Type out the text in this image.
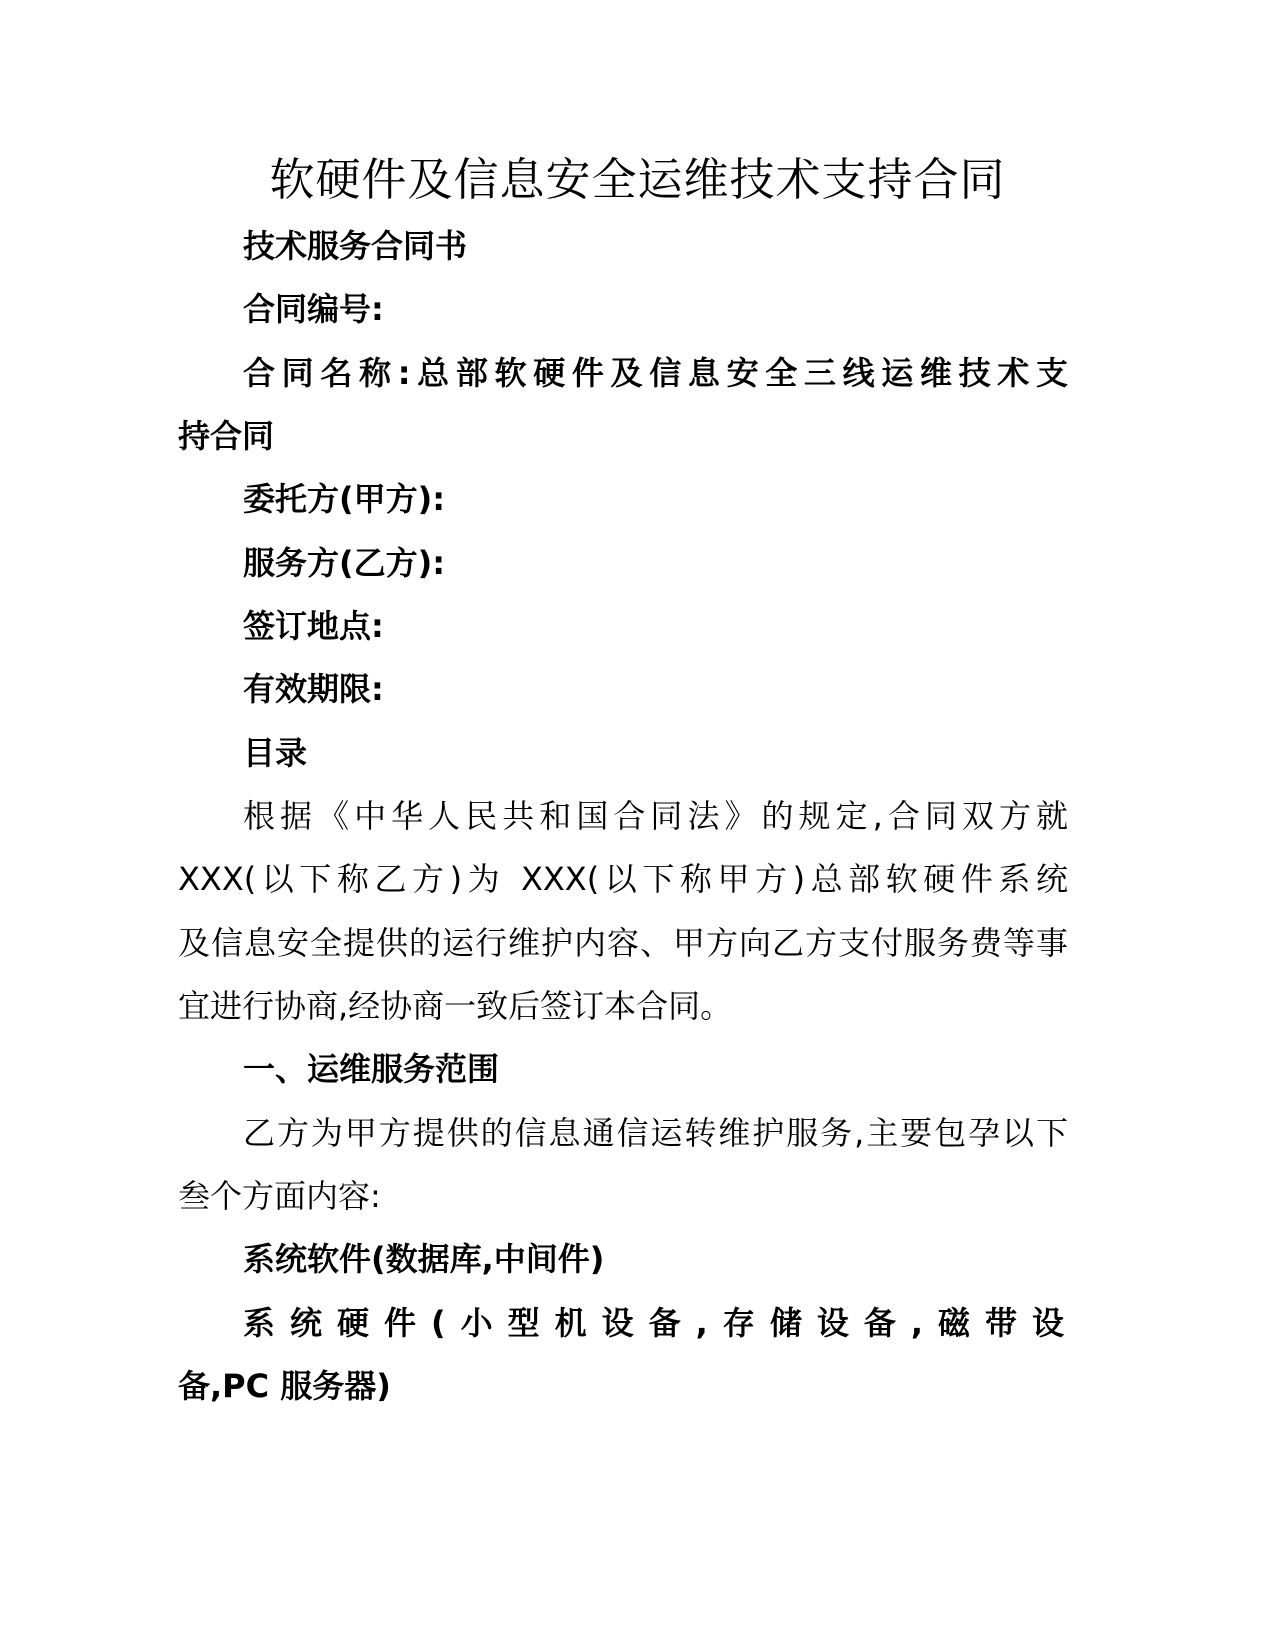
软硬件及信息安全运维技术支持合同
技术服务合同书
合同编号:
合同名称:总部软硬件及信息安全三线运维技术支
持合同
委托方(甲方):
服务方(乙方):
签订地点:
有效期限:
目录
根据《中华人民共和国合同法》的规定,合同双方就
XXX(以下称乙方)为 XXX(以下称甲方)总部软硬件系统
及信息安全提供的运行维护内容、甲方向乙方支付服务费等事
宜进行协商,经协商一致后签订本合同。
一、运维服务范围
乙方为甲方提供的信息通信运转维护服务,主要包孕以下
叁个方面内容:
系统软件(数据库,中间件)
系统硬件(小型机设备,存储设备,磁带设
备,PC 服务器)
